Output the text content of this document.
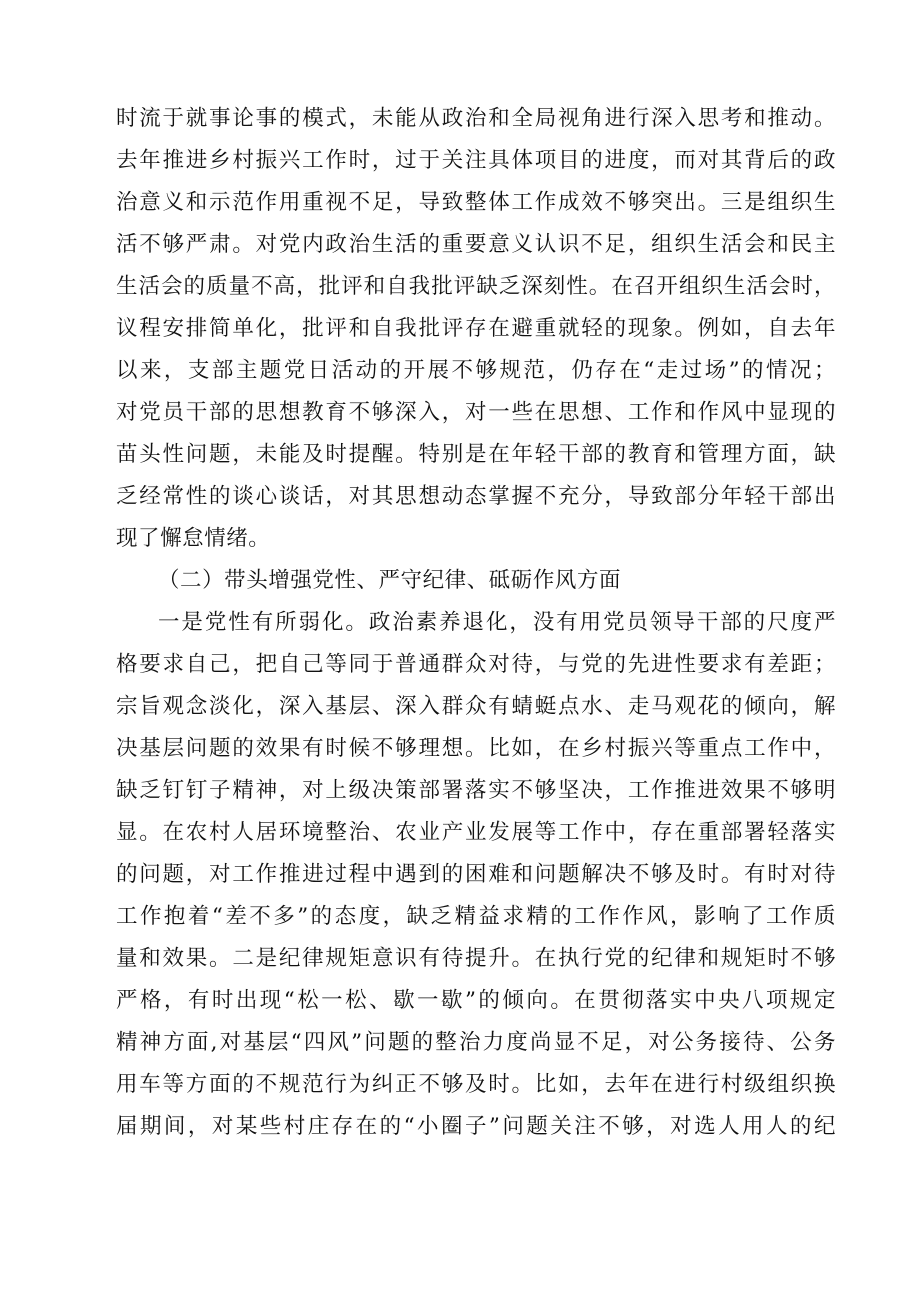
时流于就事论事的模式，未能从政治和全局视角进行深入思考和推动。
去年推进乡村振兴工作时，过于关注具体项目的进度，而对其背后的政
治意义和示范作用重视不足，导致整体工作成效不够突出。三是组织生
活不够严肃。对党内政治生活的重要意义认识不足，组织生活会和民主
生活会的质量不高，批评和自我批评缺乏深刻性。在召开组织生活会时，
议程安排简单化，批评和自我批评存在避重就轻的现象。例如，自去年
以来，支部主题党日活动的开展不够规范，仍存在“走过场”的情况；
对党员干部的思想教育不够深入，对一些在思想、工作和作风中显现的
苗头性问题，未能及时提醒。特别是在年轻干部的教育和管理方面，缺
乏经常性的谈心谈话，对其思想动态掌握不充分，导致部分年轻干部出
现了懈怠情绪。
（二）带头增强党性、严守纪律、砥砺作风方面
一是党性有所弱化。政治素养退化，没有用党员领导干部的尺度严
格要求自己，把自己等同于普通群众对待，与党的先进性要求有差距；
宗旨观念淡化，深入基层、深入群众有蜻蜓点水、走马观花的倾向，解
决基层问题的效果有时候不够理想。比如，在乡村振兴等重点工作中，
缺乏钉钉子精神，对上级决策部署落实不够坚决，工作推进效果不够明
显。在农村人居环境整治、农业产业发展等工作中，存在重部署轻落实
的问题，对工作推进过程中遇到的困难和问题解决不够及时。有时对待
工作抱着“差不多”的态度，缺乏精益求精的工作作风，影响了工作质
量和效果。二是纪律规矩意识有待提升。在执行党的纪律和规矩时不够
严格，有时出现“松一松、歇一歇”的倾向。在贯彻落实中央八项规定
精神方面,对基层“四风”问题的整治力度尚显不足，对公务接待、公务
用车等方面的不规范行为纠正不够及时。比如，去年在进行村级组织换
届期间，对某些村庄存在的“小圈子”问题关注不够，对选人用人的纪
